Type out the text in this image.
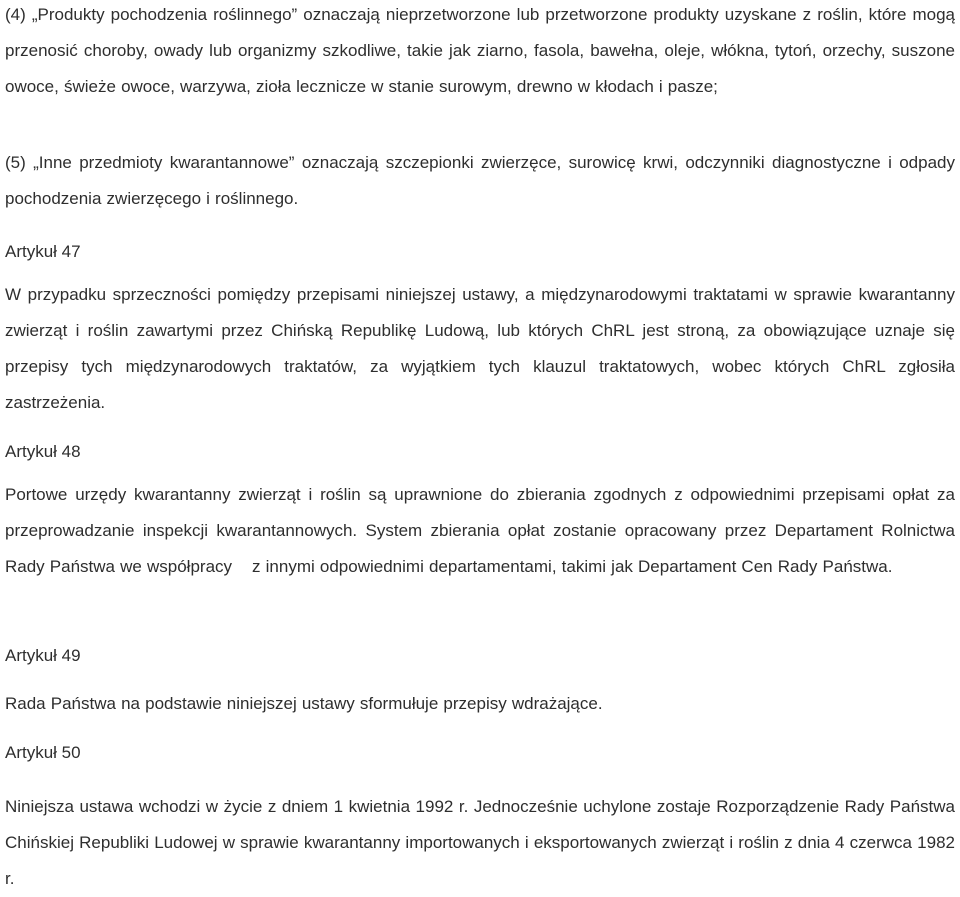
(4) „Produkty pochodzenia roślinnego” oznaczają nieprzetworzone lub przetworzone produkty uzyskane z roślin, które mogą przenosić choroby, owady lub organizmy szkodliwe, takie jak ziarno, fasola, bawełna, oleje, włókna, tytoń, orzechy, suszone owoce, świeże owoce, warzywa, zioła lecznicze w stanie surowym, drewno w kłodach i pasze;

(5) „Inne przedmioty kwarantannowe” oznaczają szczepionki zwierzęce, surowicę krwi, odczynniki diagnostyczne i odpady pochodzenia zwierzęcego i roślinnego.

Artykuł 47

W przypadku sprzeczności pomiędzy przepisami niniejszej ustawy, a międzynarodowymi traktatami w sprawie kwarantanny zwierząt i roślin zawartymi przez Chińską Republikę Ludową, lub których ChRL jest stroną, za obowiązujące uznaje się przepisy tych międzynarodowych traktatów, za wyjątkiem tych klauzul traktatowych, wobec których ChRL zgłosiła zastrzeżenia.

Artykuł 48

Portowe urzędy kwarantanny zwierząt i roślin są uprawnione do zbierania zgodnych z odpowiednimi przepisami opłat za przeprowadzanie inspekcji kwarantannowych. System zbierania opłat zostanie opracowany przez Departament Rolnictwa Rady Państwa we współpracy z innymi odpowiednimi departamentami, takimi jak Departament Cen Rady Państwa.

Artykuł 49

Rada Państwa na podstawie niniejszej ustawy sformułuje przepisy wdrażające.

Artykuł 50

Niniejsza ustawa wchodzi w życie z dniem 1 kwietnia 1992 r. Jednocześnie uchylone zostaje Rozporządzenie Rady Państwa Chińskiej Republiki Ludowej w sprawie kwarantanny importowanych i eksportowanych zwierząt i roślin z dnia 4 czerwca 1982 r.
